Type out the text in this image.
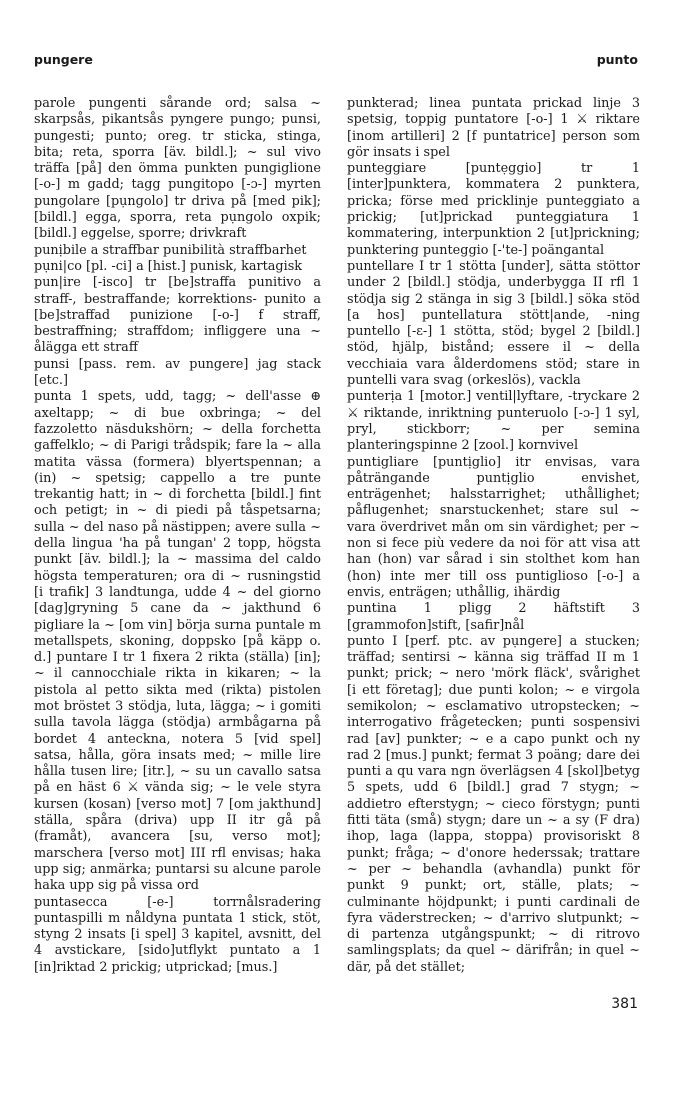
pungere	punto

parole pungenti sårande ord; salsa ~ skarpsås, pikantsås pyngere pungo; punsi, pungesti; punto; oreg. tr sticka, stinga, bita; reta, sporra [äv. bildl.]; ~ sul vivo träffa [på] den ömma punkten pungiglione [-o-] m gadd; tagg pungitopo [-ɔ-] myrten pungolare [pụngolo] tr driva på [med pik]; [bildl.] egga, sporra, reta pụngolo oxpik; [bildl.] eggelse, sporre; drivkraft

punịbile a straffbar punibilità straffbarhet

pụni|co [pl. -ci] a [hist.] punisk, kartagisk

pun|ire [-isco] tr [be]straffa punitivo a straff-, bestraffande; korrektions- punito a [be]straffad punizione [-o-] f straff, bestraffning; straffdom; infliggere una ~ ålägga ett straff

punsi [pass. rem. av pungere] jag stack [etc.]

punta 1 spets, udd, tagg; ~ dell'asse ⊕ axeltapp; ~ di bue oxbringa; ~ del fazzoletto näsdukshörn; ~ della forchetta gaffelklo; ~ di Parigi trådspik; fare la ~ alla matita vässa (formera) blyertspennan; a (in) ~ spetsig; cappello a tre punte trekantig hatt; in ~ di forchetta [bildl.] fint och petigt; in ~ di piedi på tåspetsarna; sulla ~ del naso på nästippen; avere sulla ~ della lingua 'ha på tungan' 2 topp, högsta punkt [äv. bildl.]; la ~ massima del caldo högsta temperaturen; ora di ~ rusningstid [i trafik] 3 landtunga, udde 4 ~ del giorno [dag]gryning 5 cane da ~ jakthund 6 pigliare la ~ [om vin] börja surna puntale m metallspets, skoning, doppsko [på käpp o. d.] puntare I tr 1 fixera 2 rikta (ställa) [in]; ~ il cannocchiale rikta in kikaren; ~ la pistola al petto sikta med (rikta) pistolen mot bröstet 3 stödja, luta, lägga; ~ i gomiti sulla tavola lägga (stödja) armbågarna på bordet 4 anteckna, notera 5 [vid spel] satsa, hålla, göra insats med; ~ mille lire hålla tusen lire; [itr.], ~ su un cavallo satsa på en häst 6 ⚔ vända sig; ~ le vele styra kursen (kosan) [verso mot] 7 [om jakthund] ställa, spåra (driva) upp II itr gå på (framåt), avancera [su, verso mot]; marschera [verso mot] III rfl envisas; haka upp sig; anmärka; puntarsi su alcune parole haka upp sig på vissa ord

puntasecca [-e-] torrnålsradering puntaspilli m nåldyna puntata 1 stick, stöt, styng 2 insats [i spel] 3 kapitel, avsnitt, del 4 avstickare, [sido]utflykt puntato a 1 [in]riktad 2 prickig; utprickad; [mus.]

punkterad; linea puntata prickad linje 3 spetsig, toppig puntatore [-o-] 1 ⚔ riktare [inom artilleri] 2 [f puntatrice] person som gör insats i spel

punteggiare [puntẹggio] tr 1 [inter]punktera, kommatera 2 punktera, pricka; förse med pricklinje punteggiato a prickig; [ut]prickad punteggiatura 1 kommatering, interpunktion 2 [ut]prickning; punktering punteggio [-'te-] poängantal

puntellare I tr 1 stötta [under], sätta stöttor under 2 [bildl.] stödja, underbygga II rfl 1 stödja sig 2 stänga in sig 3 [bildl.] söka stöd [a hos] puntellatura stött|ande, -ning puntello [-ɛ-] 1 stötta, stöd; bygel 2 [bildl.] stöd, hjälp, bistånd; essere il ~ della vecchiaia vara ålderdomens stöd; stare in puntelli vara svag (orkeslös), vackla

punterịa 1 [motor.] ventil|lyftare, -tryckare 2 ⚔ riktande, inriktning punteruolo [-ɔ-] 1 syl, pryl, stickborr; ~ per semina planteringspinne 2 [zool.] kornvivel

puntigliare [puntịglio] itr envisas, vara påträngande puntịglio envishet, enträgenhet; halsstarrighet; uthållighet; påflugenhet; snarstuckenhet; stare sul ~ vara överdrivet mån om sin värdighet; per ~ non si fece più vedere da noi för att visa att han (hon) var sårad i sin stolthet kom han (hon) inte mer till oss puntiglioso [-o-] a envis, enträgen; uthållig, ihärdig

puntina 1 pligg 2 häftstift 3 [grammofon]stift, [safir]nål

punto I [perf. ptc. av pụngere] a stucken; träffad; sentirsi ~ känna sig träffad II m 1 punkt; prick; ~ nero 'mörk fläck', svårighet [i ett företag]; due punti kolon; ~ e virgola semikolon; ~ esclamativo utropstecken; ~ interrogativo frågetecken; punti sospensivi rad [av] punkter; ~ e a capo punkt och ny rad 2 [mus.] punkt; fermat 3 poäng; dare dei punti a qu vara ngn överlägsen 4 [skol]betyg 5 spets, udd 6 [bildl.] grad 7 stygn; ~ addietro efterstygn; ~ cieco förstygn; punti fitti täta (små) stygn; dare un ~ a sy (F dra) ihop, laga (lappa, stoppa) provisoriskt 8 punkt; fråga; ~ d'onore hederssak; trattare ~ per ~ behandla (avhandla) punkt för punkt 9 punkt; ort, ställe, plats; ~ culminante höjdpunkt; i punti cardinali de fyra väderstrecken; ~ d'arrivo slutpunkt; ~ di partenza utgångspunkt; ~ di ritrovo samlingsplats; da quel ~ därifrån; in quel ~ där, på det stället;

381
